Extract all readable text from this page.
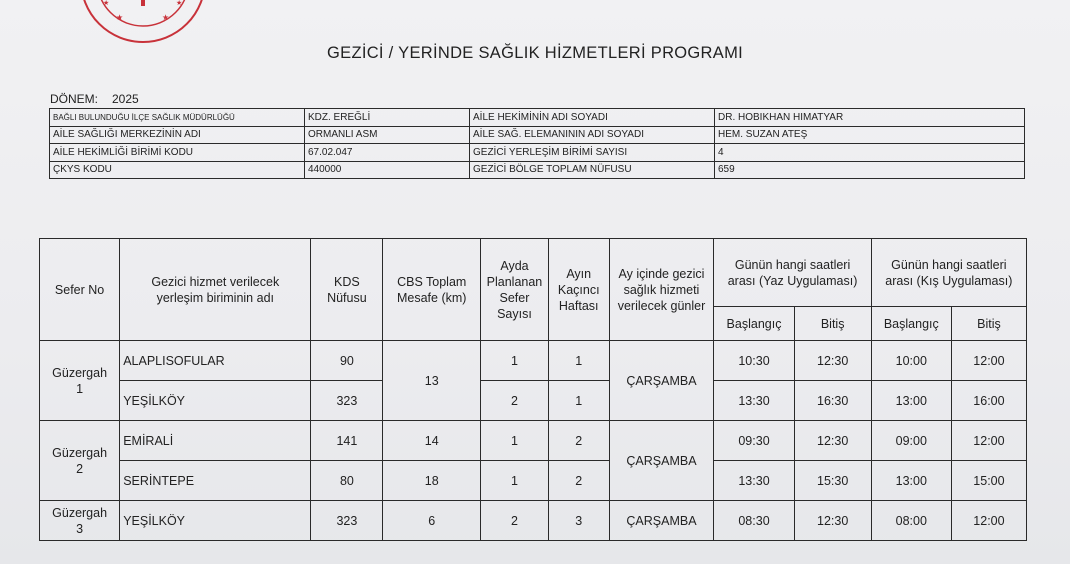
★	★
★	★
GEZİCİ / YERİNDE SAĞLIK HİZMETLERİ PROGRAMI
DÖNEM: 2025
BAĞLI BULUNDUĞU İLÇE SAĞLIK MÜDÜRLÜĞÜ	KDZ. EREĞLİ	AİLE HEKİMİNİN ADI SOYADI	DR. HOBIKHAN HIMATYAR
AİLE SAĞLIĞI MERKEZİNİN ADI	ORMANLI ASM	AİLE SAĞ. ELEMANININ ADI SOYADI	HEM. SUZAN ATEŞ
AİLE HEKİMLİĞİ BİRİMİ KODU	67.02.047	GEZİCİ YERLEŞİM BİRİMİ SAYISI	4
ÇKYS KODU	440000	GEZİCİ BÖLGE TOPLAM NÜFUSU	659
Sefer No	Gezici hizmet verilecek yerleşim biriminin adı	KDS Nüfusu	CBS Toplam Mesafe (km)	Ayda Planlanan Sefer Sayısı	Ayın Kaçıncı Haftası	Ay içinde gezici sağlık hizmeti verilecek günler	Günün hangi saatleri arası (Yaz Uygulaması)		Günün hangi saatleri arası (Kış Uygulaması)	
							Başlangıç	Bitiş	Başlangıç	Bitiş

Güzergah
1	ALAPLISOFULAR	90	13	1	1	ÇARŞAMBA	10:30	12:30	10:00	12:00
	YEŞİLKÖY	323		2	1		13:30	16:30	13:00	16:00

Güzergah
2	EMİRALİ	141	14	1	2	ÇARŞAMBA	09:30	12:30	09:00	12:00
	SERİNTEPE	80	18	1	2		13:30	15:30	13:00	15:00

Güzergah
3	YEŞİLKÖY	323	6	2	3	ÇARŞAMBA	08:30	12:30	08:00	12:00
